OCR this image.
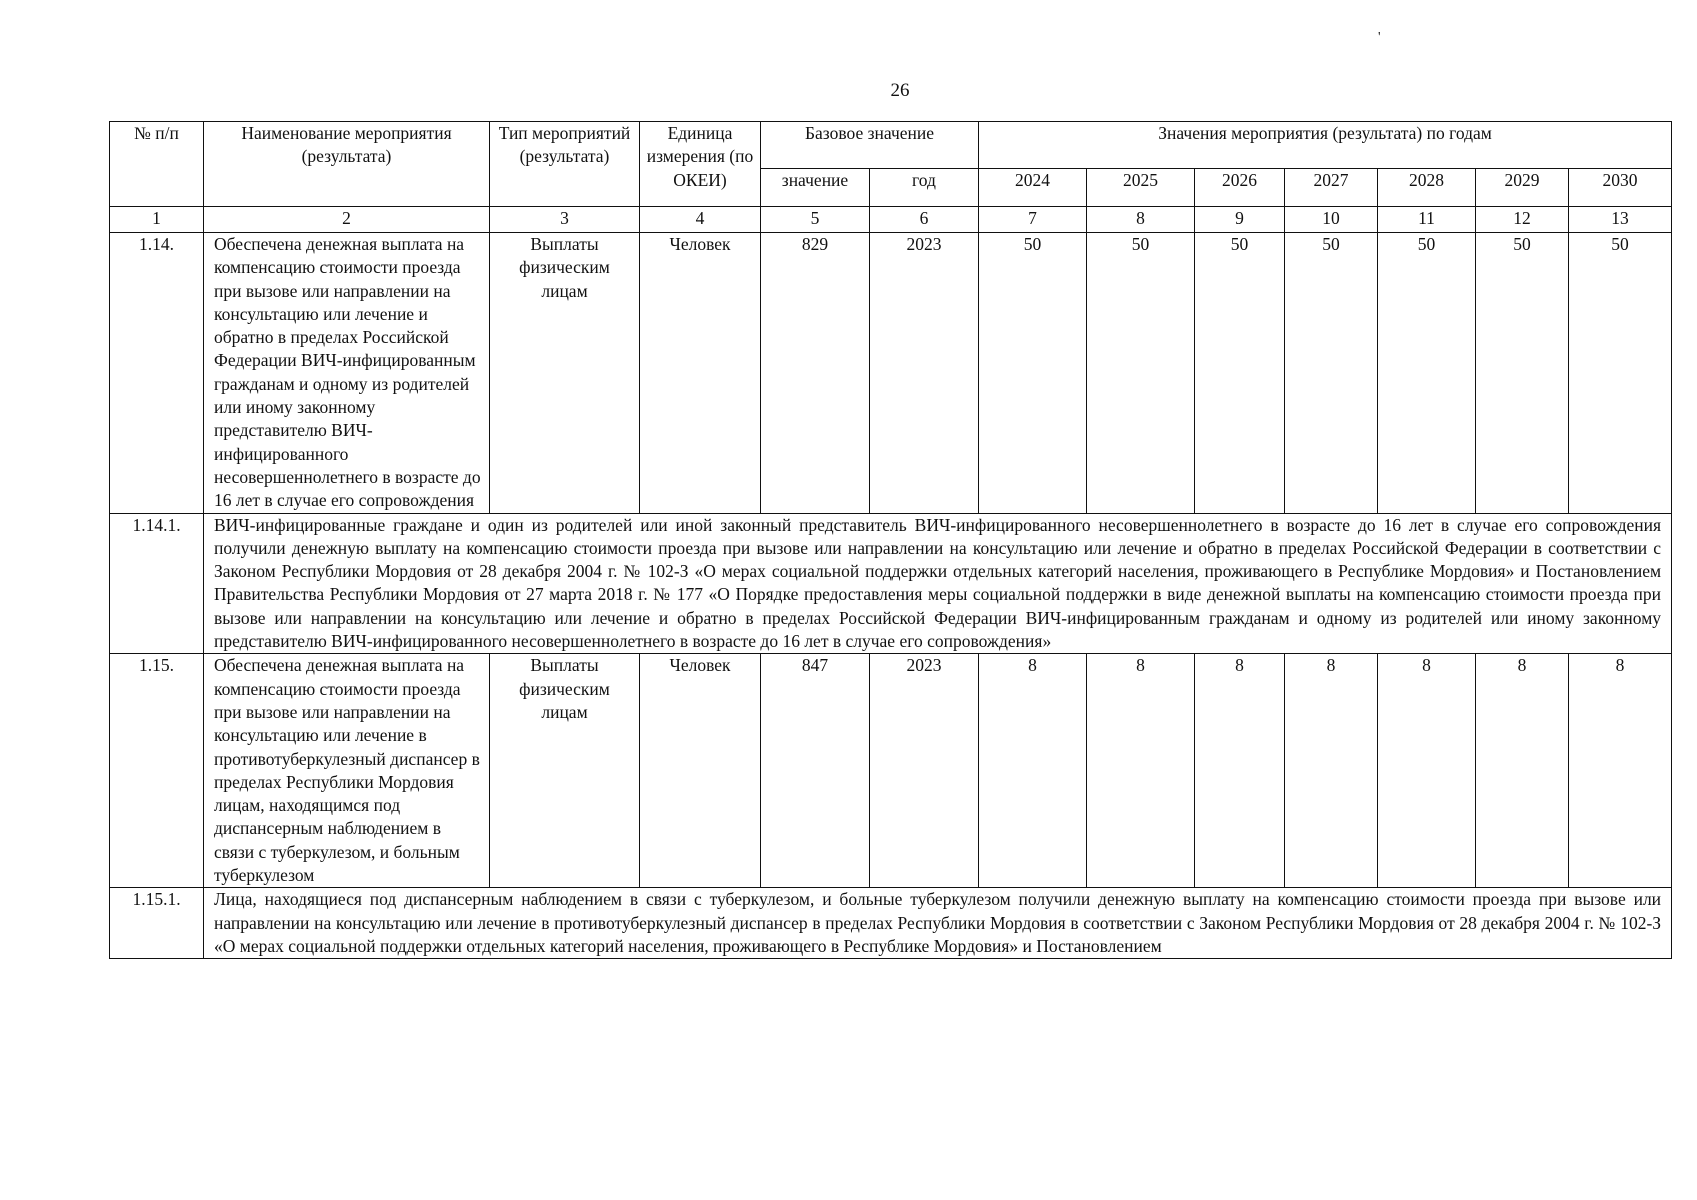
26
'
№ п/п	Наименование мероприятия (результата)	Тип мероприятий (результата)	Единица измерения (по ОКЕИ)	Базовое значение		Значения мероприятия (результата) по годам						
				значение	год	2024	2025	2026	2027	2028	2029	2030
1	2	3	4	5	6	7	8	9	10	11	12	13
1.14.	Обеспечена денежная выплата на компенсацию стоимости проезда при вызове или направлении на консультацию или лечение и обратно в пределах Российской Федерации ВИЧ-инфицированным гражданам и одному из родителей или иному законному представителю ВИЧ-инфицированного несовершеннолетнего в возрасте до 16 лет в случае его сопровождения	Выплаты физическим лицам	Человек	829	2023	50	50	50	50	50	50	50
1.14.1.	ВИЧ-инфицированные граждане и один из родителей или иной законный представитель ВИЧ-инфицированного несовершеннолетнего в возрасте до 16 лет в случае его сопровождения получили денежную выплату на компенсацию стоимости проезда при вызове или направлении на консультацию или лечение и обратно в пределах Российской Федерации в соответствии с Законом Республики Мордовия от 28 декабря 2004 г. № 102-З «О мерах социальной поддержки отдельных категорий населения, проживающего в Республике Мордовия» и Постановлением Правительства Республики Мордовия от 27 марта 2018 г. № 177 «О Порядке предоставления меры социальной поддержки в виде денежной выплаты на компенсацию стоимости проезда при вызове или направлении на консультацию или лечение и обратно в пределах Российской Федерации ВИЧ-инфицированным гражданам и одному из родителей или иному законному представителю ВИЧ-инфицированного несовершеннолетнего в возрасте до 16 лет в случае его сопровождения»											
1.15.	Обеспечена денежная выплата на компенсацию стоимости проезда при вызове или направлении на консультацию или лечение в противотуберкулезный диспансер в пределах Республики Мордовия лицам, находящимся под диспансерным наблюдением в связи с туберкулезом, и больным туберкулезом	Выплаты физическим лицам	Человек	847	2023	8	8	8	8	8	8	8
1.15.1.	Лица, находящиеся под диспансерным наблюдением в связи с туберкулезом, и больные туберкулезом получили денежную выплату на компенсацию стоимости проезда при вызове или направлении на консультацию или лечение в противотуберкулезный диспансер в пределах Республики Мордовия в соответствии с Законом Республики Мордовия от 28 декабря 2004 г. № 102-З «О мерах социальной поддержки отдельных категорий населения, проживающего в Республике Мордовия» и Постановлением											
